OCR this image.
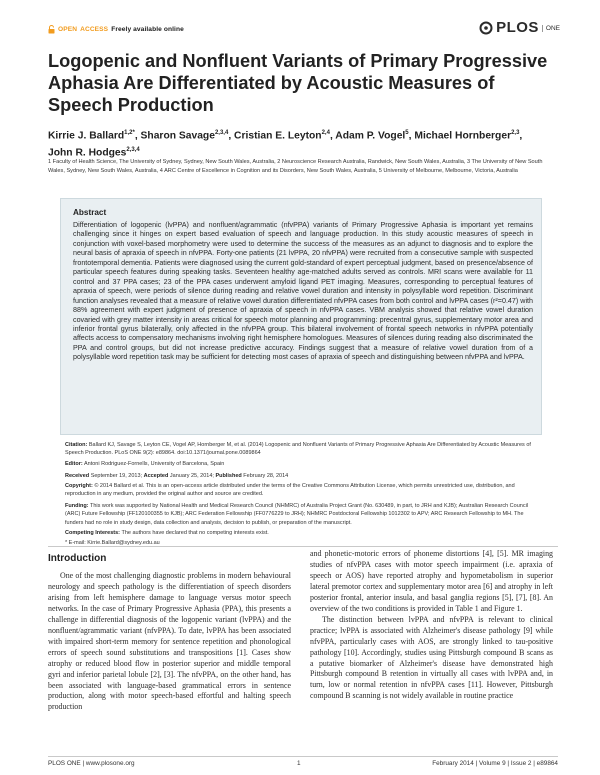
OPEN ACCESS Freely available online	PLOS	ONE
Logopenic and Nonfluent Variants of Primary Progressive Aphasia Are Differentiated by Acoustic Measures of Speech Production
Kirrie J. Ballard$^{1,2*}$, Sharon Savage$^{2,3,4}$, Cristian E. Leyton$^{2,4}$, Adam P. Vogel$^5$, Michael Hornberger$^{2,3}$,
John R. Hodges$^{2,3,4}$
1 Faculty of Health Science, The University of Sydney, Sydney, New South Wales, Australia, 2 Neuroscience Research Australia, Randwick, New South Wales, Australia, 3 The University of New South Wales, Sydney, New South Wales, Australia, 4 ARC Centre of Excellence in Cognition and its Disorders, New South Wales, Australia, 5 University of Melbourne, Melbourne, Victoria, Australia
Abstract
Differentiation of logopenic (lvPPA) and nonfluent/agrammatic (nfvPPA) variants of Primary Progressive Aphasia is important yet remains challenging since it hinges on expert based evaluation of speech and language production. In this study acoustic measures of speech in conjunction with voxel-based morphometry were used to determine the success of the measures as an adjunct to diagnosis and to explore the neural basis of apraxia of speech in nfvPPA. Forty-one patients (21 lvPPA, 20 nfvPPA) were recruited from a consecutive sample with suspected frontotemporal dementia. Patients were diagnosed using the current gold-standard of expert perceptual judgment, based on presence/absence of particular speech features during speaking tasks. Seventeen healthy age-matched adults served as controls. MRI scans were available for 11 control and 37 PPA cases; 23 of the PPA cases underwent amyloid ligand PET imaging. Measures, corresponding to perceptual features of apraxia of speech, were periods of silence during reading and relative vowel duration and intensity in polysyllable word repetition. Discriminant function analyses revealed that a measure of relative vowel duration differentiated nfvPPA cases from both control and lvPPA cases (r²=0.47) with 88% agreement with expert judgment of presence of apraxia of speech in nfvPPA cases. VBM analysis showed that relative vowel duration covaried with grey matter intensity in areas critical for speech motor planning and programming: precentral gyrus, supplementary motor area and inferior frontal gyrus bilaterally, only affected in the nfvPPA group. This bilateral involvement of frontal speech networks in nfvPPA potentially affects access to compensatory mechanisms involving right hemisphere homologues. Measures of silences during reading also discriminated the PPA and control groups, but did not increase predictive accuracy. Findings suggest that a measure of relative vowel duration from of a polysyllable word repetition task may be sufficient for detecting most cases of apraxia of speech and distinguishing between nfvPPA and lvPPA.
Citation: Ballard KJ, Savage S, Leyton CE, Vogel AP, Hornberger M, et al. (2014) Logopenic and Nonfluent Variants of Primary Progressive Aphasia Are Differentiated by Acoustic Measures of Speech Production. PLoS ONE 9(2): e89864. doi:10.1371/journal.pone.0089864
Editor: Antoni Rodriguez-Fornells, University of Barcelona, Spain
Received September 19, 2013; Accepted January 25, 2014; Published February 28, 2014
Copyright: © 2014 Ballard et al. This is an open-access article distributed under the terms of the Creative Commons Attribution License, which permits unrestricted use, distribution, and reproduction in any medium, provided the original author and source are credited.
Funding: This work was supported by National Health and Medical Research Council (NHMRC) of Australia Project Grant (No. 630489, in part, to JRH and KJB); Australian Research Council (ARC) Future Fellowship (FF120100355 to KJB); ARC Federation Fellowship (FF0776229 to JRH); NHMRC Postdoctoral Fellowship 1012302 to APV; ARC Research Fellowship to MH. The funders had no role in study design, data collection and analysis, decision to publish, or preparation of the manuscript.
Competing Interests: The authors have declared that no competing interests exist.
* E-mail: Kirrie.Ballard@sydney.edu.au
Introduction

One of the most challenging diagnostic problems in modern behavioural neurology and speech pathology is the differentiation of speech disorders arising from left hemisphere damage to language versus motor speech networks. In the case of Primary Progressive Aphasia (PPA), this presents a challenge in differential diagnosis of the logopenic variant (lvPPA) and the nonfluent/agrammatic variant (nfvPPA). To date, lvPPA has been associated with impaired short-term memory for sentence repetition and phonological errors of speech sound substitutions and transpositions [1]. Cases show atrophy or reduced blood flow in posterior superior and middle temporal gyri and inferior parietal lobule [2], [3]. The nfvPPA, on the other hand, has been associated with language-based grammatical errors in sentence production, along with motor speech-based effortful and halting speech production

and phonetic-motoric errors of phoneme distortions [4], [5]. MR imaging studies of nfvPPA cases with motor speech impairment (i.e. apraxia of speech or AOS) have reported atrophy and hypometabolism in superior lateral premotor cortex and supplementary motor area [6] and atrophy in left posterior frontal, anterior insula, and basal ganglia regions [5], [7], [8]. An overview of the two conditions is provided in Table 1 and Figure 1.

The distinction between lvPPA and nfvPPA is relevant to clinical practice; lvPPA is associated with Alzheimer's disease pathology [9] while nfvPPA, particularly cases with AOS, are strongly linked to tau-positive pathology [10]. Accordingly, studies using Pittsburgh compound B scans as a putative biomarker of Alzheimer's disease have demonstrated high Pittsburgh compound B retention in virtually all cases with lvPPA and, in turn, low or normal retention in nfvPPA cases [11]. However, Pittsburgh compound B scanning is not widely available in routine practice

PLOS ONE | www.plosone.org	1	February 2014 | Volume 9 | Issue 2 | e89864
